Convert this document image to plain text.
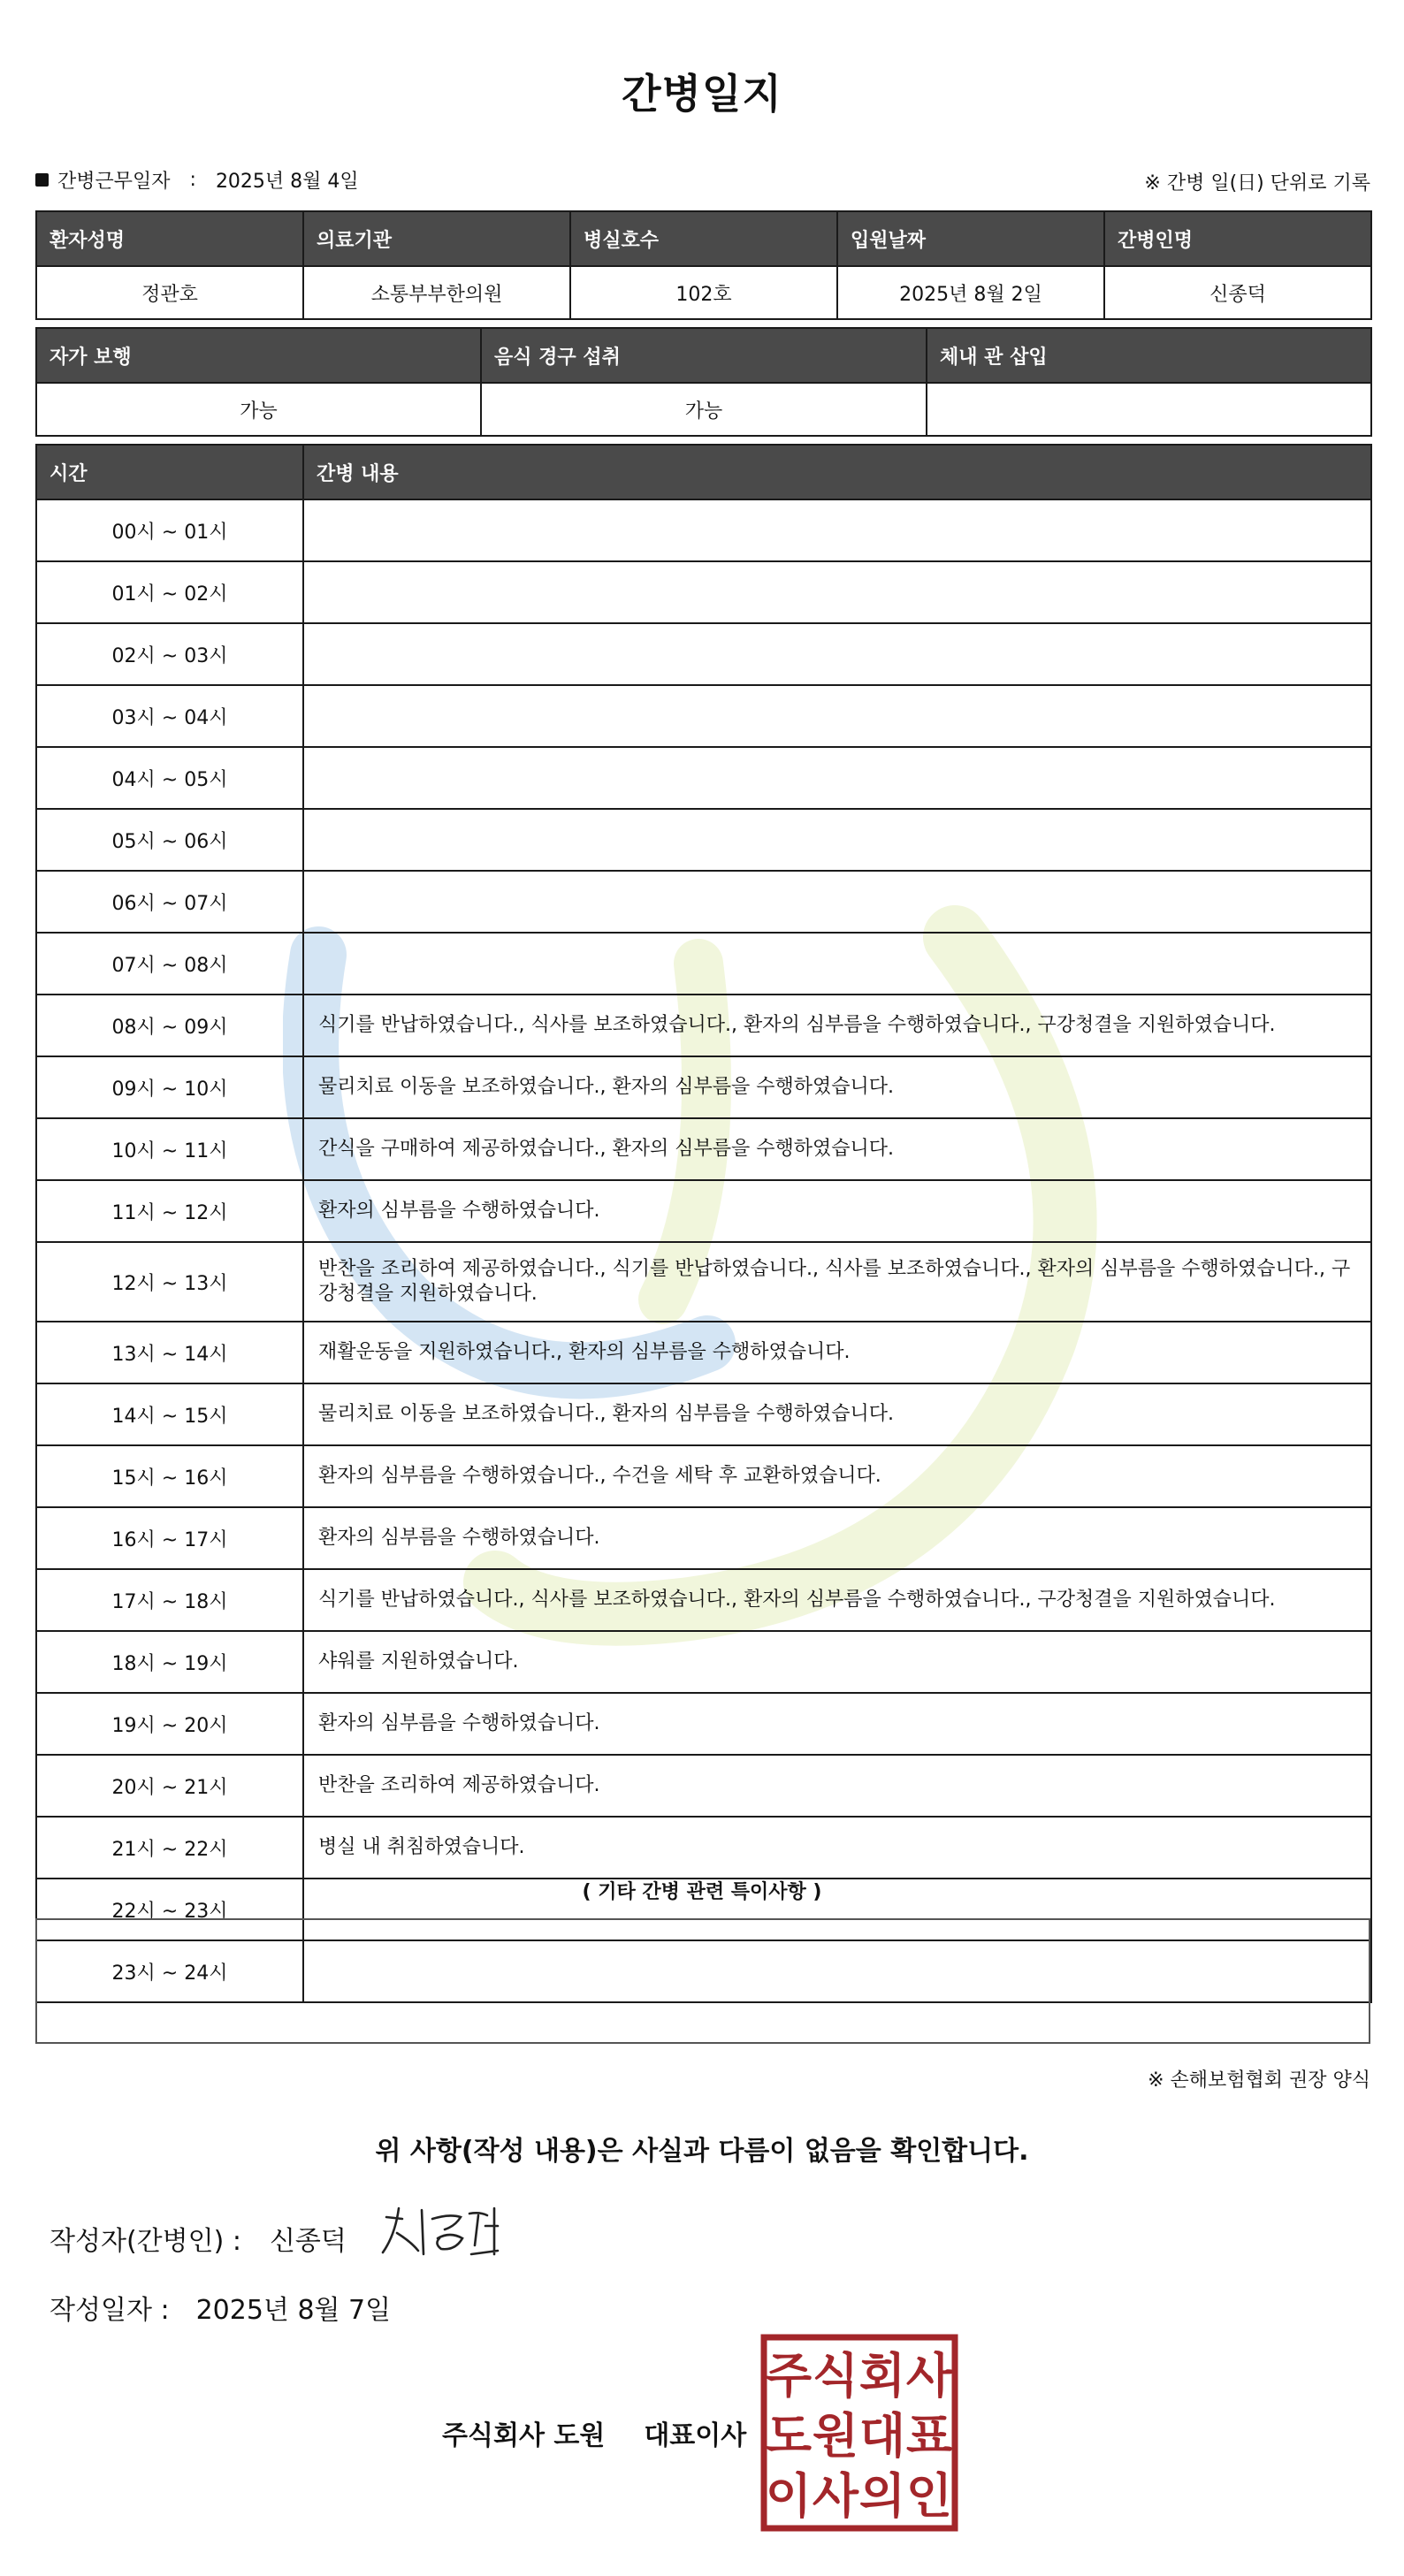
간병일지
간병근무일자 : 2025년 8월 4일	※ 간병 일(日) 단위로 기록
환자성명	의료기관	병실호수	입원날짜	간병인명
정관호	소통부부한의원	102호	2025년 8월 2일	신종덕
자가 보행	음식 경구 섭취	체내 관 삽입
가능	가능	
시간	간병 내용
00시 ~ 01시	
01시 ~ 02시	
02시 ~ 03시	
03시 ~ 04시	
04시 ~ 05시	
05시 ~ 06시	
06시 ~ 07시	
07시 ~ 08시	
08시 ~ 09시	식기를 반납하였습니다., 식사를 보조하였습니다., 환자의 심부름을 수행하였습니다., 구강청결을 지원하였습니다.
09시 ~ 10시	물리치료 이동을 보조하였습니다., 환자의 심부름을 수행하였습니다.
10시 ~ 11시	간식을 구매하여 제공하였습니다., 환자의 심부름을 수행하였습니다.
11시 ~ 12시	환자의 심부름을 수행하였습니다.
12시 ~ 13시	반찬을 조리하여 제공하였습니다., 식기를 반납하였습니다., 식사를 보조하였습니다., 환자의 심부름을 수행하였습니다., 구강청결을 지원하였습니다.
13시 ~ 14시	재활운동을 지원하였습니다., 환자의 심부름을 수행하였습니다.
14시 ~ 15시	물리치료 이동을 보조하였습니다., 환자의 심부름을 수행하였습니다.
15시 ~ 16시	환자의 심부름을 수행하였습니다., 수건을 세탁 후 교환하였습니다.
16시 ~ 17시	환자의 심부름을 수행하였습니다.
17시 ~ 18시	식기를 반납하였습니다., 식사를 보조하였습니다., 환자의 심부름을 수행하였습니다., 구강청결을 지원하였습니다.
18시 ~ 19시	샤워를 지원하였습니다.
19시 ~ 20시	환자의 심부름을 수행하였습니다.
20시 ~ 21시	반찬을 조리하여 제공하였습니다.
21시 ~ 22시	병실 내 취침하였습니다.
22시 ~ 23시	
23시 ~ 24시	
( 기타 간병 관련 특이사항 )
※ 손해보험협회 권장 양식
위 사항(작성 내용)은 사실과 다름이 없음을 확인합니다.
작성자(간병인) : 신종덕
작성일자 : 2025년 8월 7일
주식회사 도원 대표이사
주 식 회 사
도 원 대 표
이 사 의 인
